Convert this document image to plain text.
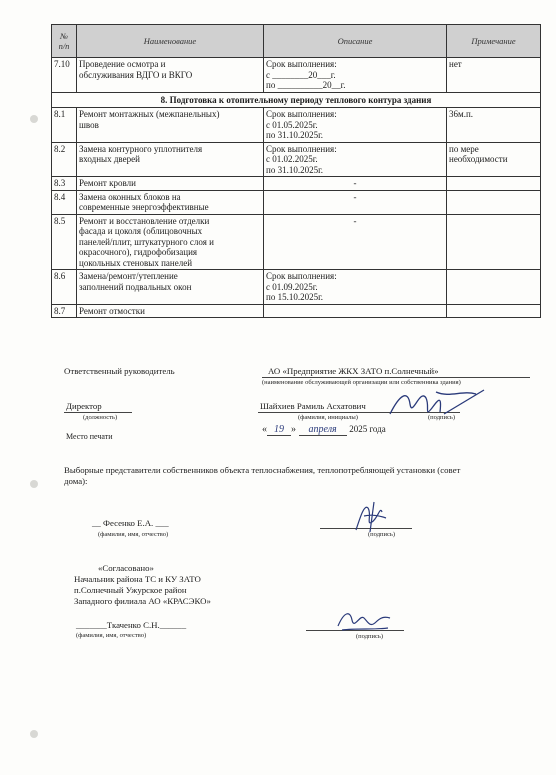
№
п/п	Наименование	Описание	Примечание
7.10	Проведение осмотра и
обслуживания ВДГО и ВКГО	Срок выполнения:
с ________20___г.
по __________20__г.	нет

8. Подготовка к отопительному периоду теплового контура здания			
8.1	Ремонт монтажных (межпанельных)
швов	Срок выполнения:
с 01.05.2025г.
по 31.10.2025г.	36м.п.

8.2	Замена контурного уплотнителя
входных дверей	Срок выполнения:
с 01.02.2025г.
по 31.10.2025г.	по мере
необходимости

8.3	Ремонт кровли	-	

8.4	Замена оконных блоков на
современные энергоэффективные	-	

8.5	Ремонт и восстановление отделки
фасада и цоколя (облицовочных
панелей/плит, штукатурного слоя и
окрасочного), гидрофобизация
цокольных стеновых панелей	-	

8.6	Замена/ремонт/утепление
заполнений подвальных окон	Срок выполнения:
с 01.09.2025г.
по 15.10.2025г.	

8.7	Ремонт отмостки		

Ответственный руководитель	АО «Предприятие ЖКХ ЗАТО п.Солнечный»
(наименование обслуживающей организации или собственника здания)
Директор
(должность)
Шайхиев Рамиль Асхатович
(фамилия, инициалы)	(подпись)
Место печати
« 19 » апреля 2025 года
Выборные представители собственников объекта теплоснабжения, теплопотребляющей установки (совет
дома):
__ Фесенко Е.А. ___
(фамилия, имя, отчество)	(подпись)
«Согласовано»
Начальник района ТС и КУ ЗАТО
п.Солнечный Ужурское район
Западного филиала АО «КРАСЭКО»
_______Ткаченко С.Н.______
(фамилия, имя, отчество)	(подпись)
